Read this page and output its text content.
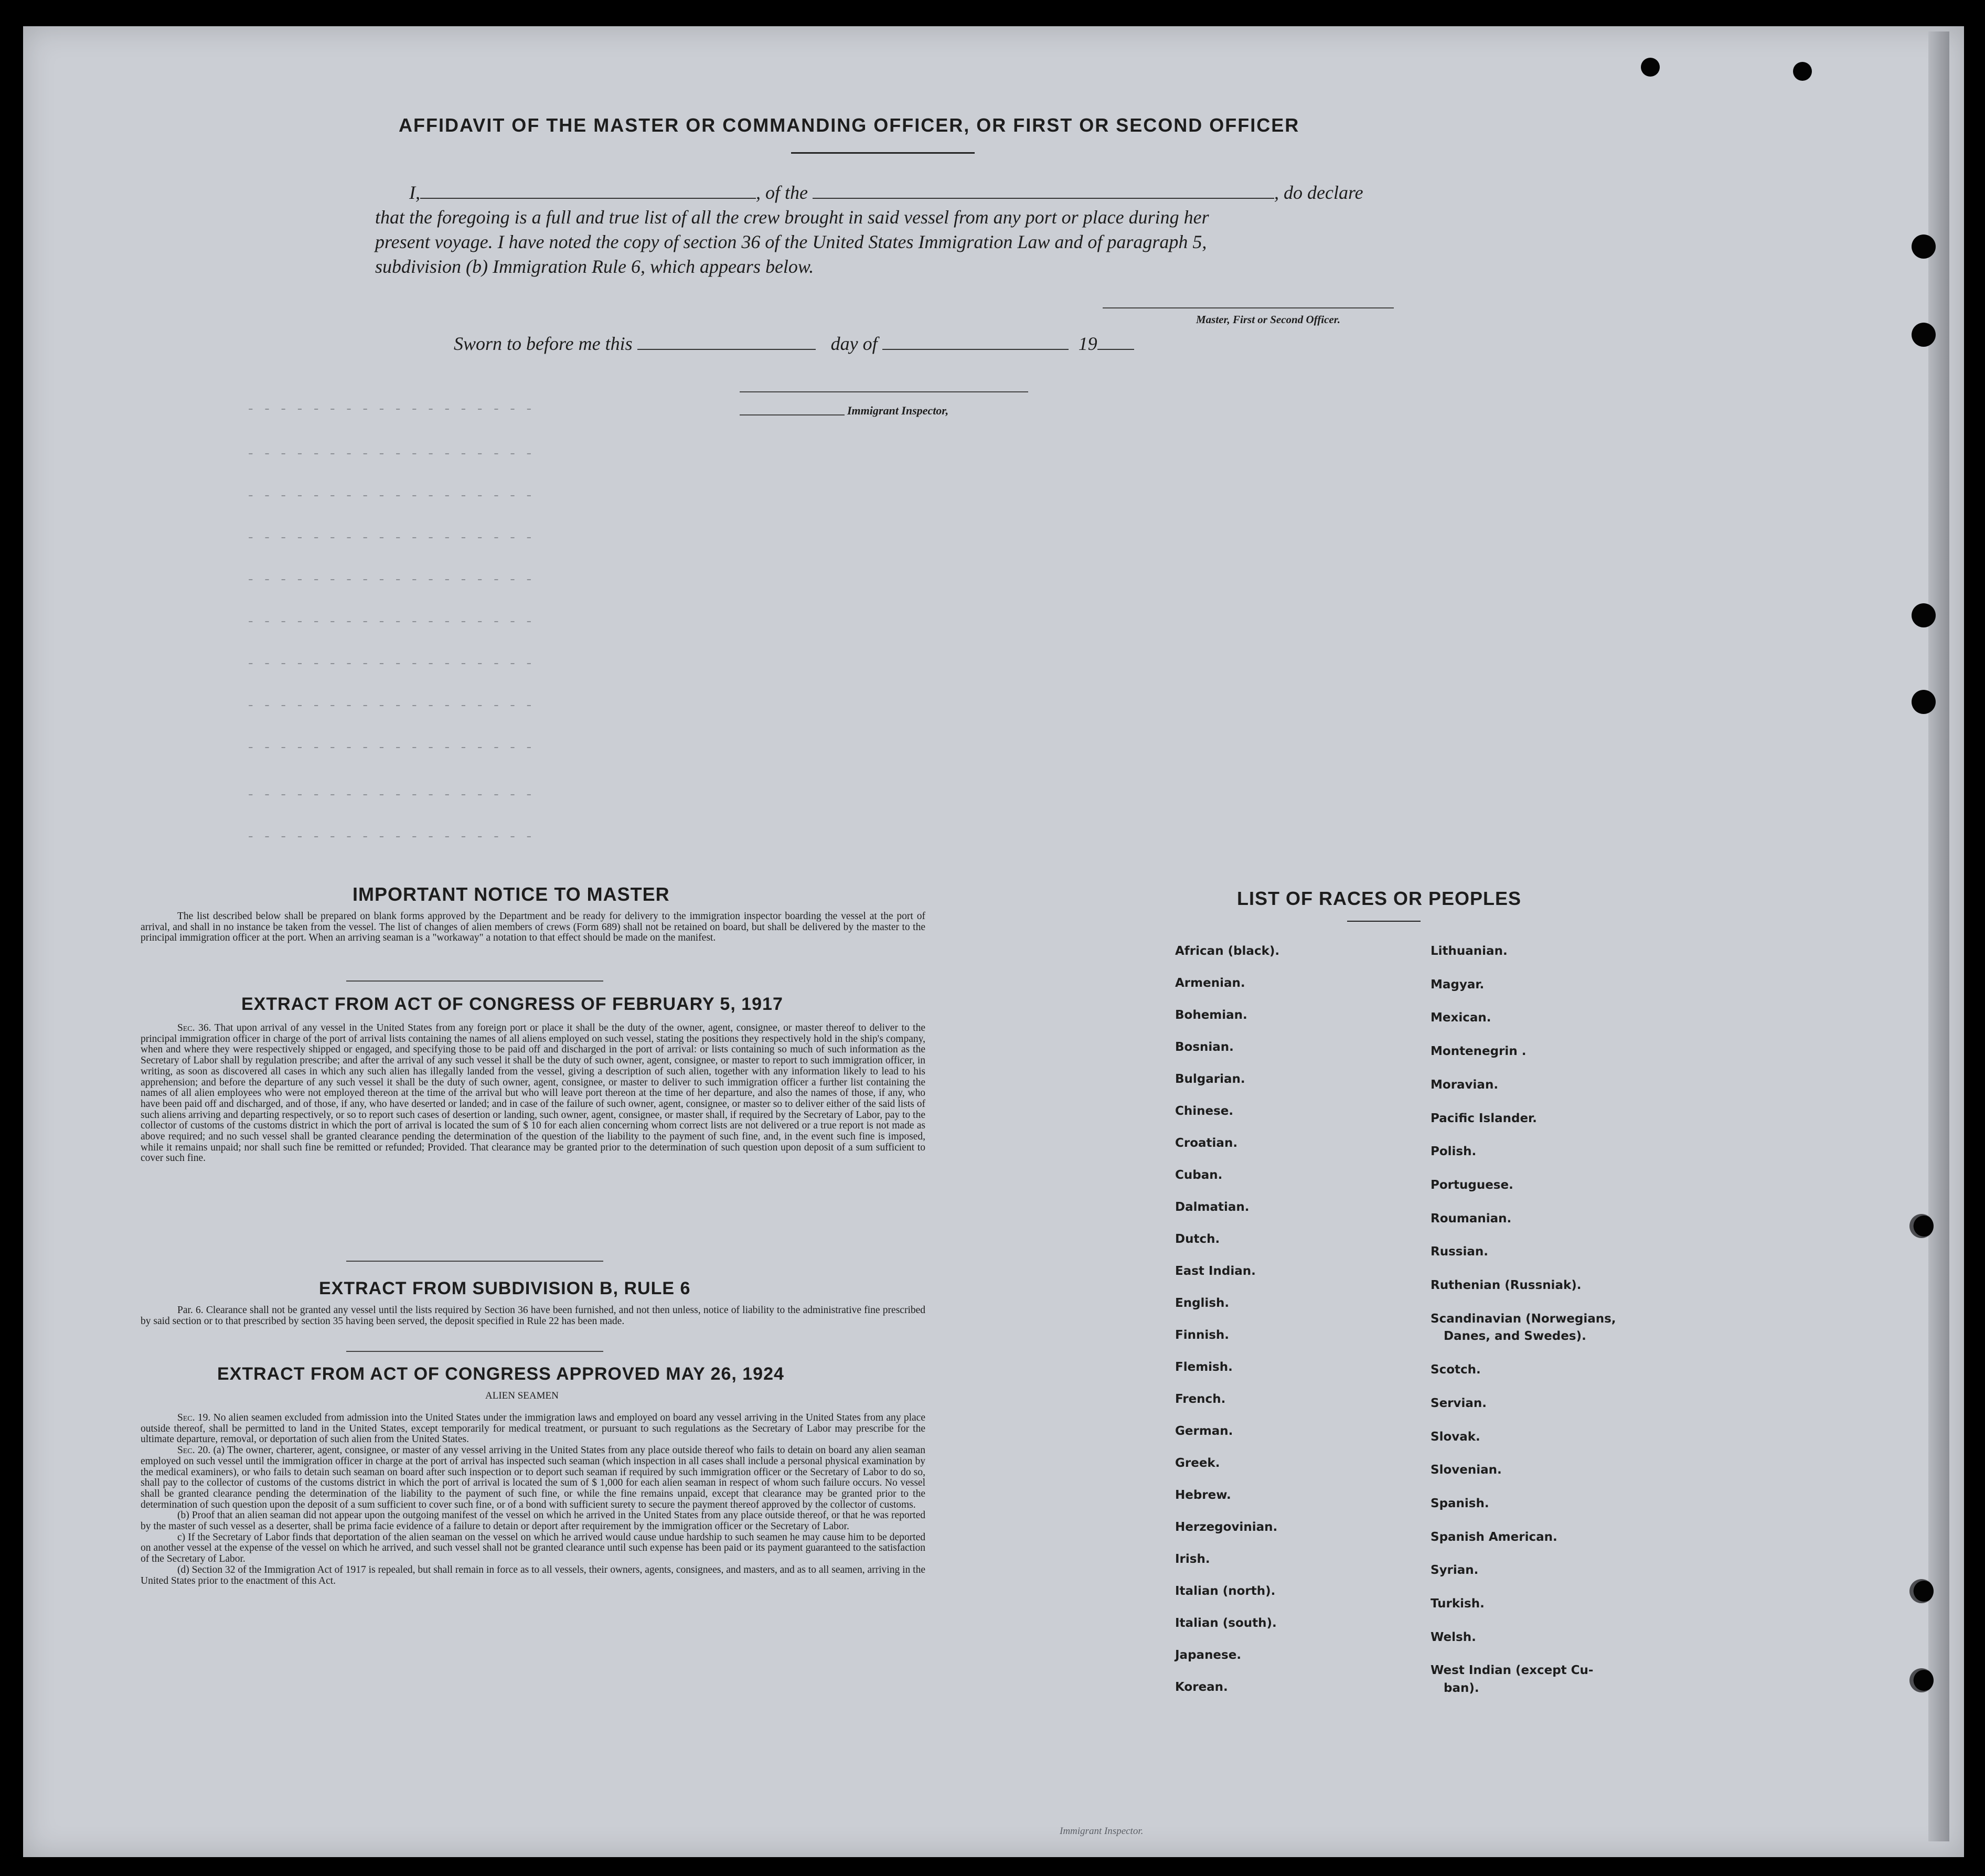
- - - - - - - - - - - - - - - - - -
- - - - - - - - - - - - - - - - - -
- - - - - - - - - - - - - - - - - -
- - - - - - - - - - - - - - - - - -
- - - - - - - - - - - - - - - - - -
- - - - - - - - - - - - - - - - - -
- - - - - - - - - - - - - - - - - -
- - - - - - - - - - - - - - - - - -
- - - - - - - - - - - - - - - - - -
- - - - - - - - - - - - - - - - - -
- - - - - - - - - - - - - - - - - -
AFFIDAVIT OF THE MASTER OR COMMANDING OFFICER, OR FIRST OR SECOND OFFICER
I,	, of the	, do declare
that the foregoing is a full and true list of all the crew brought in said vessel from any port or place during her
present voyage. I have noted the copy of section 36 of the United States Immigration Law and of paragraph 5,
subdivision (b) Immigration Rule 6, which appears below.
Master, First or Second Officer.
Sworn to before me this	day of	19
Immigrant Inspector,
IMPORTANT NOTICE TO MASTER

The list described below shall be prepared on blank forms approved by the Department and be ready for delivery to the immigration inspector boarding the vessel at the port of arrival, and shall in no instance be taken from the vessel. The list of changes of alien members of crews (Form 689) shall not be retained on board, but shall be delivered by the master to the principal immigration officer at the port. When an arriving seaman is a "workaway" a notation to that effect should be made on the manifest.

EXTRACT FROM ACT OF CONGRESS OF FEBRUARY 5, 1917

Sec. 36. That upon arrival of any vessel in the United States from any foreign port or place it shall be the duty of the owner, agent, consignee, or master thereof to deliver to the principal immigration officer in charge of the port of arrival lists containing the names of all aliens employed on such vessel, stating the positions they respectively hold in the ship's company, when and where they were respectively shipped or engaged, and specifying those to be paid off and discharged in the port of arrival: or lists containing so much of such information as the Secretary of Labor shall by regulation prescribe; and after the arrival of any such vessel it shall be the duty of such owner, agent, consignee, or master to report to such immigration officer, in writing, as soon as discovered all cases in which any such alien has illegally landed from the vessel, giving a description of such alien, together with any information likely to lead to his apprehension; and before the departure of any such vessel it shall be the duty of such owner, agent, consignee, or master to deliver to such immigration officer a further list containing the names of all alien employees who were not employed thereon at the time of the arrival but who will leave port thereon at the time of her departure, and also the names of those, if any, who have been paid off and discharged, and of those, if any, who have deserted or landed; and in case of the failure of such owner, agent, consignee, or master so to deliver either of the said lists of such aliens arriving and departing respectively, or so to report such cases of desertion or landing, such owner, agent, consignee, or master shall, if required by the Secretary of Labor, pay to the collector of customs of the customs district in which the port of arrival is located the sum of $ 10 for each alien concerning whom correct lists are not delivered or a true report is not made as above required; and no such vessel shall be granted clearance pending the determination of the question of the liability to the payment of such fine, and, in the event such fine is imposed, while it remains unpaid; nor shall such fine be remitted or refunded; Provided. That clearance may be granted prior to the determination of such question upon deposit of a sum sufficient to cover such fine.

EXTRACT FROM SUBDIVISION B, RULE 6

Par. 6. Clearance shall not be granted any vessel until the lists required by Section 36 have been furnished, and not then unless, notice of liability to the administrative fine prescribed by said section or to that prescribed by section 35 having been served, the deposit specified in Rule 22 has been made.

EXTRACT FROM ACT OF CONGRESS APPROVED MAY 26, 1924
ALIEN SEAMEN

Sec. 19. No alien seamen excluded from admission into the United States under the immigration laws and employed on board any vessel arriving in the United States from any place outside thereof, shall be permitted to land in the United States, except temporarily for medical treatment, or pursuant to such regulations as the Secretary of Labor may prescribe for the ultimate departure, removal, or deportation of such alien from the United States.

Sec. 20. (a) The owner, charterer, agent, consignee, or master of any vessel arriving in the United States from any place outside thereof who fails to detain on board any alien seaman employed on such vessel until the immigration officer in charge at the port of arrival has inspected such seaman (which inspection in all cases shall include a personal physical examination by the medical examiners), or who fails to detain such seaman on board after such inspection or to deport such seaman if required by such immigration officer or the Secretary of Labor to do so, shall pay to the collector of customs of the customs district in which the port of arrival is located the sum of $ 1,000 for each alien seaman in respect of whom such failure occurs. No vessel shall be granted clearance pending the determination of the liability to the payment of such fine, or while the fine remains unpaid, except that clearance may be granted prior to the determination of such question upon the deposit of a sum sufficient to cover such fine, or of a bond with sufficient surety to secure the payment thereof approved by the collector of customs.

(b) Proof that an alien seaman did not appear upon the outgoing manifest of the vessel on which he arrived in the United States from any place outside thereof, or that he was reported by the master of such vessel as a deserter, shall be prima facie evidence of a failure to detain or deport after requirement by the immigration officer or the Secretary of Labor.

c) If the Secretary of Labor finds that deportation of the alien seaman on the vessel on which he arrived would cause undue hardship to such seamen he may cause him to be deported on another vessel at the expense of the vessel on which he arrived, and such vessel shall not be granted clearance until such expense has been paid or its payment guaranteed to the satisfaction of the Secretary of Labor.

(d) Section 32 of the Immigration Act of 1917 is repealed, but shall remain in force as to all vessels, their owners, agents, consignees, and masters, and as to all seamen, arriving in the United States prior to the enactment of this Act.

LIST OF RACES OR PEOPLES
African (black).
Armenian.
Bohemian.
Bosnian.
Bulgarian.
Chinese.
Croatian.
Cuban.
Dalmatian.
Dutch.
East Indian.
English.
Finnish.
Flemish.
French.
German.
Greek.
Hebrew.
Herzegovinian.
Irish.
Italian (north).
Italian (south).
Japanese.
Korean.
Lithuanian.
Magyar.
Mexican.
Montenegrin .
Moravian.
Pacific Islander.
Polish.
Portuguese.
Roumanian.
Russian.
Ruthenian (Russniak).
Scandinavian (Norwegians,
Danes, and Swedes).
Scotch.
Servian.
Slovak.
Slovenian.
Spanish.
Spanish American.
Syrian.
Turkish.
Welsh.
West Indian (except Cu-
ban).
Immigrant Inspector.
